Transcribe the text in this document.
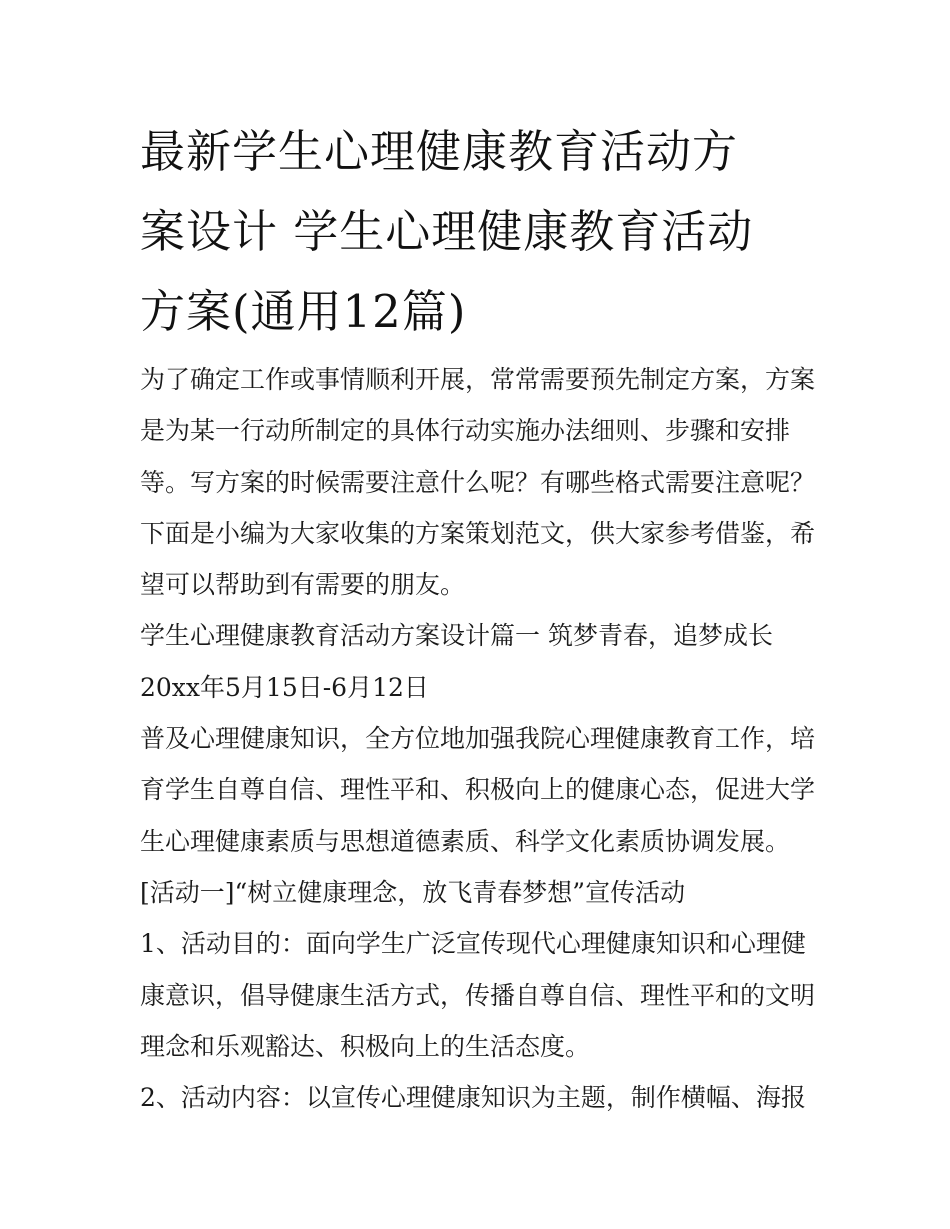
最新学生心理健康教育活动方
案设计 学生心理健康教育活动
方案(通用12篇)

为了确定工作或事情顺利开展，常常需要预先制定方案，方案

是为某一行动所制定的具体行动实施办法细则、步骤和安排

等。写方案的时候需要注意什么呢？有哪些格式需要注意呢？

下面是小编为大家收集的方案策划范文，供大家参考借鉴，希

望可以帮助到有需要的朋友。

学生心理健康教育活动方案设计篇一 筑梦青春，追梦成长

20xx年5月15日-6月12日

普及心理健康知识，全方位地加强我院心理健康教育工作，培

育学生自尊自信、理性平和、积极向上的健康心态，促进大学

生心理健康素质与思想道德素质、科学文化素质协调发展。

[活动一]“树立健康理念，放飞青春梦想”宣传活动

1、活动目的：面向学生广泛宣传现代心理健康知识和心理健

康意识，倡导健康生活方式，传播自尊自信、理性平和的文明

理念和乐观豁达、积极向上的生活态度。

2、活动内容：以宣传心理健康知识为主题，制作横幅、海报
